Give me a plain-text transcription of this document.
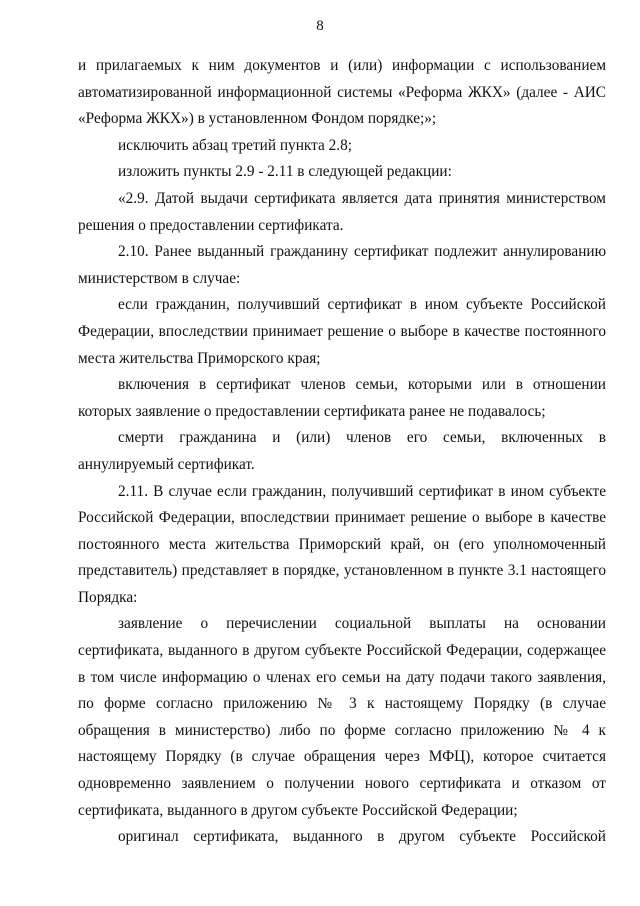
8

и прилагаемых к ним документов и (или) информации с использованием автоматизированной информационной системы «Реформа ЖКХ» (далее - АИС «Реформа ЖКХ») в установленном Фондом порядке;»;

исключить абзац третий пункта 2.8;

изложить пункты 2.9 - 2.11 в следующей редакции:

«2.9. Датой выдачи сертификата является дата принятия министерством решения о предоставлении сертификата.

2.10. Ранее выданный гражданину сертификат подлежит аннулированию министерством в случае:

если гражданин, получивший сертификат в ином субъекте Российской Федерации, впоследствии принимает решение о выборе в качестве постоянного места жительства Приморского края;

включения в сертификат членов семьи, которыми или в отношении которых заявление о предоставлении сертификата ранее не подавалось;

смерти гражданина и (или) членов его семьи, включенных в аннулируемый сертификат.

2.11. В случае если гражданин, получивший сертификат в ином субъекте Российской Федерации, впоследствии принимает решение о выборе в качестве постоянного места жительства Приморский край, он (его уполномоченный представитель) представляет в порядке, установленном в пункте 3.1 настоящего Порядка:

заявление о перечислении социальной выплаты на основании сертификата, выданного в другом субъекте Российской Федерации, содержащее в том числе информацию о членах его семьи на дату подачи такого заявления, по форме согласно приложению № 3 к настоящему Порядку (в случае обращения в министерство) либо по форме согласно приложению № 4 к настоящему Порядку (в случае обращения через МФЦ), которое считается одновременно заявлением о получении нового сертификата и отказом от сертификата, выданного в другом субъекте Российской Федерации;

оригинал сертификата, выданного в другом субъекте Российской
